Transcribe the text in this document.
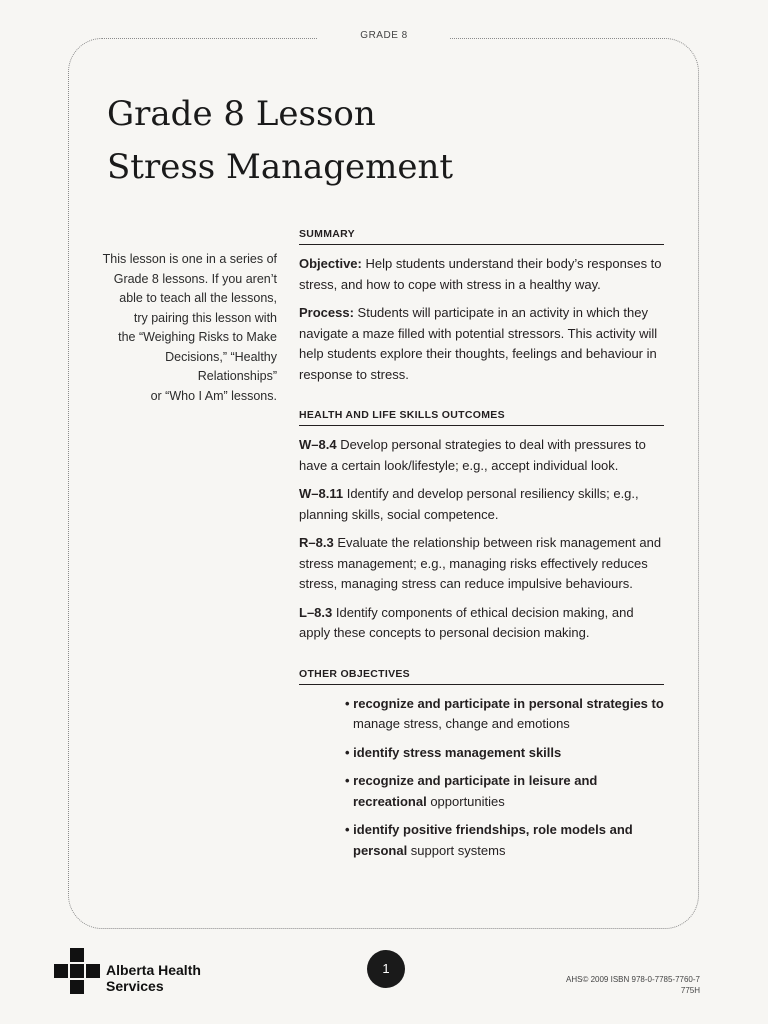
GRADE 8
Grade 8 Lesson
Stress Management
This lesson is one in a series of
Grade 8 lessons. If you aren’t
able to teach all the lessons,
try pairing this lesson with
the “Weighing Risks to Make
Decisions,” “Healthy Relationships”
or “Who I Am” lessons.
SUMMARY

Objective: Help students understand their body’s responses to stress, and how to cope with stress in a healthy way.

Process: Students will participate in an activity in which they navigate a maze filled with potential stressors. This activity will help students explore their thoughts, feelings and behaviour in response to stress.

HEALTH AND LIFE SKILLS OUTCOMES

W–8.4 Develop personal strategies to deal with pressures to have a certain look/lifestyle; e.g., accept individual look.

W–8.11 Identify and develop personal resiliency skills; e.g., planning skills, social competence.

R–8.3 Evaluate the relationship between risk management and stress management; e.g., managing risks effectively reduces stress, managing stress can reduce impulsive behaviours.

L–8.3 Identify components of ethical decision making, and apply these concepts to personal decision making.

OTHER OBJECTIVES
• recognize and participate in personal strategies to manage stress, change and emotions
• identify stress management skills
• recognize and participate in leisure and recreational opportunities
• identify positive friendships, role models and personal support systems
Alberta Health
Services
1
AHS© 2009 ISBN 978-0-7785-7760-7
775H
